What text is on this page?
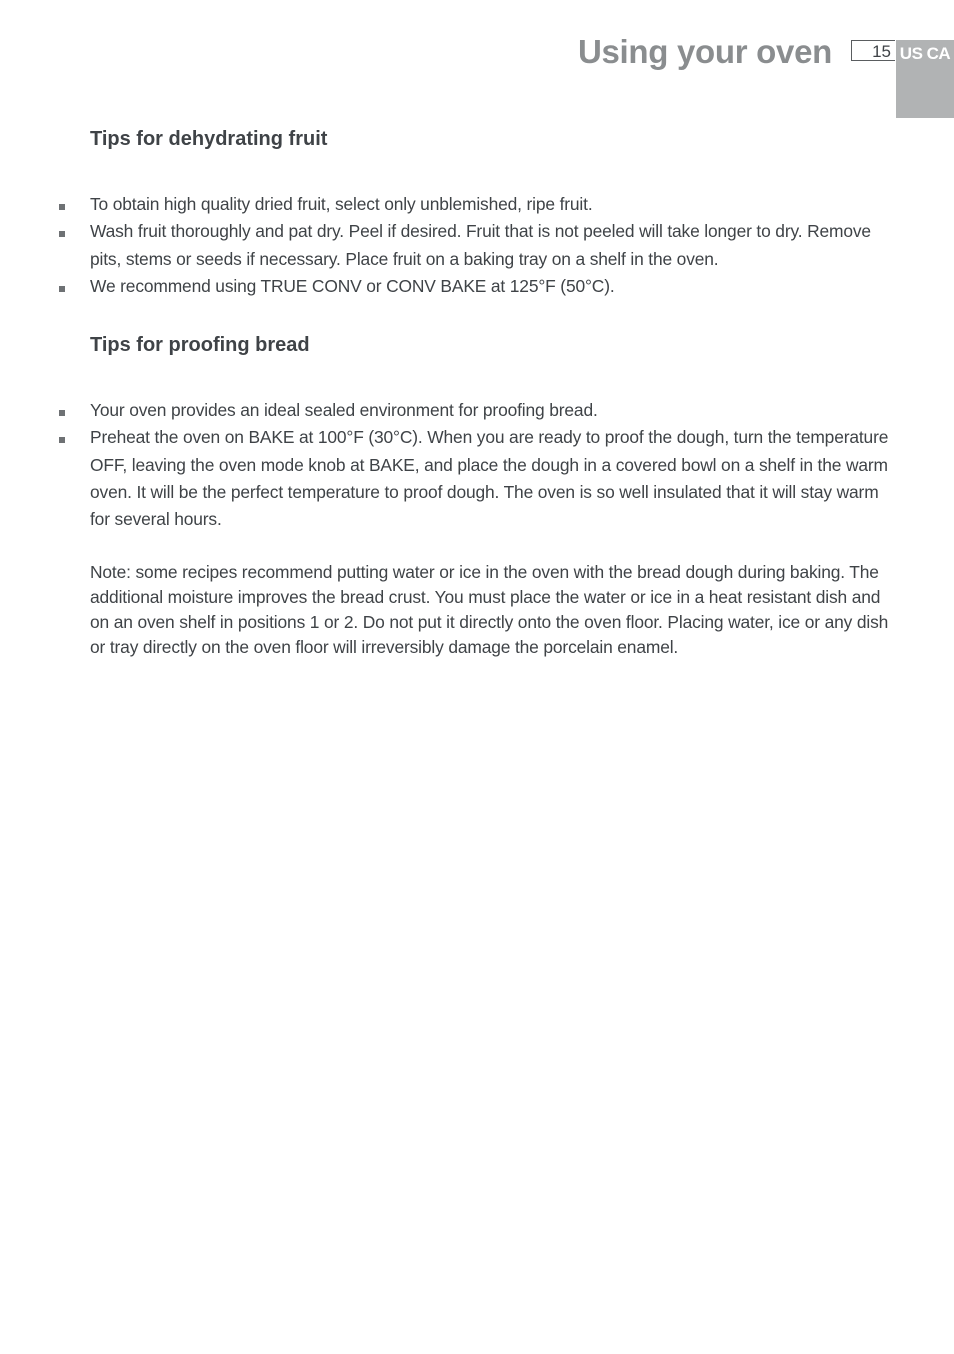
Using your oven 15 US CA
Tips for dehydrating fruit
To obtain high quality dried fruit, select only unblemished, ripe fruit.
Wash fruit thoroughly and pat dry. Peel if desired. Fruit that is not peeled will take longer to dry. Remove pits, stems or seeds if necessary. Place fruit on a baking tray on a shelf in the oven.
We recommend using TRUE CONV or CONV BAKE at 125°F (50°C).
Tips for proofing bread
Your oven provides an ideal sealed environment for proofing bread.
Preheat the oven on BAKE at 100°F (30°C). When you are ready to proof the dough, turn the temperature OFF, leaving the oven mode knob at BAKE, and place the dough in a covered bowl on a shelf in the warm oven. It will be the perfect temperature to proof dough. The oven is so well insulated that it will stay warm for several hours.

Note: some recipes recommend putting water or ice in the oven with the bread dough during baking. The additional moisture improves the bread crust. You must place the water or ice in a heat resistant dish and on an oven shelf in positions 1 or 2. Do not put it directly onto the oven floor. Placing water, ice or any dish or tray directly on the oven floor will irreversibly damage the porcelain enamel.
